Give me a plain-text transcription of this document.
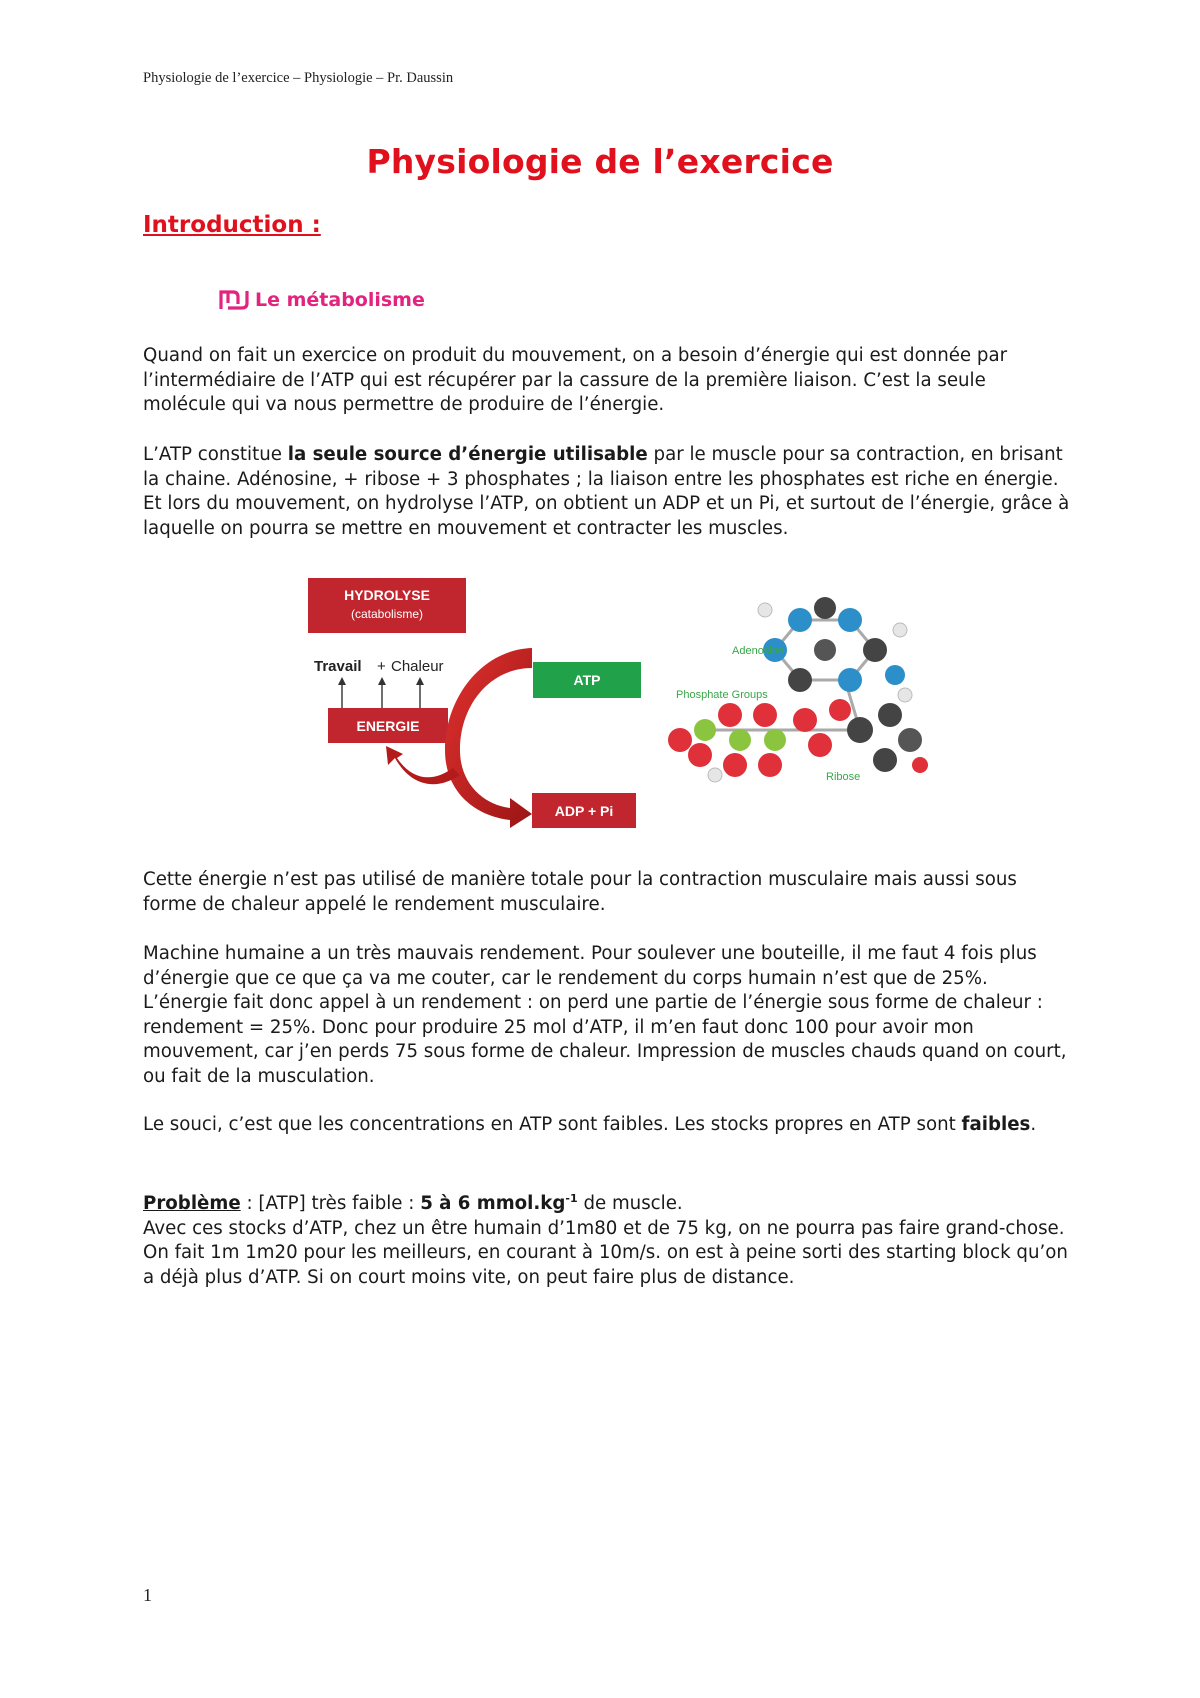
Physiologie de l’exercice – Physiologie – Pr. Daussin
Physiologie de l’exercice
Introduction :
Le métabolisme
Quand on fait un exercice on produit du mouvement, on a besoin d’énergie qui est donnée par l’intermédiaire de l’ATP qui est récupérer par la cassure de la première liaison. C’est la seule molécule qui va nous permettre de produire de l’énergie.
L’ATP constitue la seule source d’énergie utilisable par le muscle pour sa contraction, en brisant la chaine. Adénosine, + ribose + 3 phosphates ; la liaison entre les phosphates est riche en énergie. Et lors du mouvement, on hydrolyse l’ATP, on obtient un ADP et un Pi, et surtout de l’énergie, grâce à laquelle on pourra se mettre en mouvement et contracter les muscles.
HYDROLYSE
(catabolisme)
Travail + Chaleur
ENERGIE
ATP
ADP + Pi
Adenosine
Phosphate Groups
Ribose
Cette énergie n’est pas utilisé de manière totale pour la contraction musculaire mais aussi sous forme de chaleur appelé le rendement musculaire.
Machine humaine a un très mauvais rendement. Pour soulever une bouteille, il me faut 4 fois plus d’énergie que ce que ça va me couter, car le rendement du corps humain n’est que de 25%. L’énergie fait donc appel à un rendement : on perd une partie de l’énergie sous forme de chaleur : rendement = 25%. Donc pour produire 25 mol d’ATP, il m’en faut donc 100 pour avoir mon mouvement, car j’en perds 75 sous forme de chaleur. Impression de muscles chauds quand on court, ou fait de la musculation.
Le souci, c’est que les concentrations en ATP sont faibles. Les stocks propres en ATP sont faibles.
Problème : [ATP] très faible : 5 à 6 $mmol.kg^{-1}$ de muscle.
Avec ces stocks d’ATP, chez un être humain d’1m80 et de 75 kg, on ne pourra pas faire grand-chose. On fait 1m 1m20 pour les meilleurs, en courant à 10m/s. on est à peine sorti des starting block qu’on a déjà plus d’ATP. Si on court moins vite, on peut faire plus de distance.
1
